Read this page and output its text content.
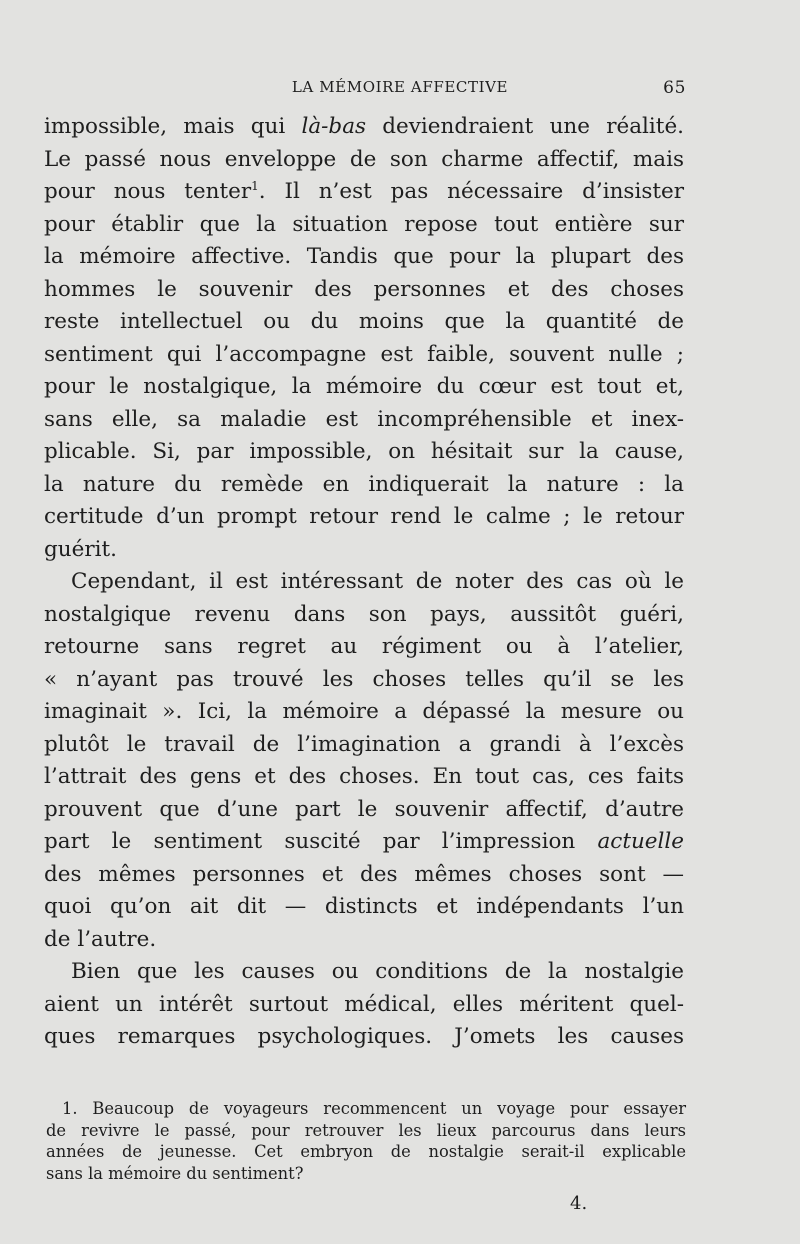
LA MÉMOIRE AFFECTIVE	65
impossible, mais qui là-bas deviendraient une réalité.
Le passé nous enveloppe de son charme affectif, mais
pour nous tenter$^1$. Il n’est pas nécessaire d’insister
pour établir que la situation repose tout entière sur
la mémoire affective. Tandis que pour la plupart des
hommes le souvenir des personnes et des choses
reste intellectuel ou du moins que la quantité de
sentiment qui l’accompagne est faible, souvent nulle ;
pour le nostalgique, la mémoire du cœur est tout et,
sans elle, sa maladie est incompréhensible et inex-
plicable. Si, par impossible, on hésitait sur la cause,
la nature du remède en indiquerait la nature : la
certitude d’un prompt retour rend le calme ; le retour
guérit.
Cependant, il est intéressant de noter des cas où le
nostalgique revenu dans son pays, aussitôt guéri,
retourne sans regret au régiment ou à l’atelier,
« n’ayant pas trouvé les choses telles qu’il se les
imaginait ». Ici, la mémoire a dépassé la mesure ou
plutôt le travail de l’imagination a grandi à l’excès
l’attrait des gens et des choses. En tout cas, ces faits
prouvent que d’une part le souvenir affectif, d’autre
part le sentiment suscité par l’impression actuelle
des mêmes personnes et des mêmes choses sont —
quoi qu’on ait dit — distincts et indépendants l’un
de l’autre.
Bien que les causes ou conditions de la nostalgie
aient un intérêt surtout médical, elles méritent quel-
ques remarques psychologiques. J’omets les causes
1. Beaucoup de voyageurs recommencent un voyage pour essayer
de revivre le passé, pour retrouver les lieux parcourus dans leurs
années de jeunesse. Cet embryon de nostalgie serait-il explicable
sans la mémoire du sentiment?
4.
